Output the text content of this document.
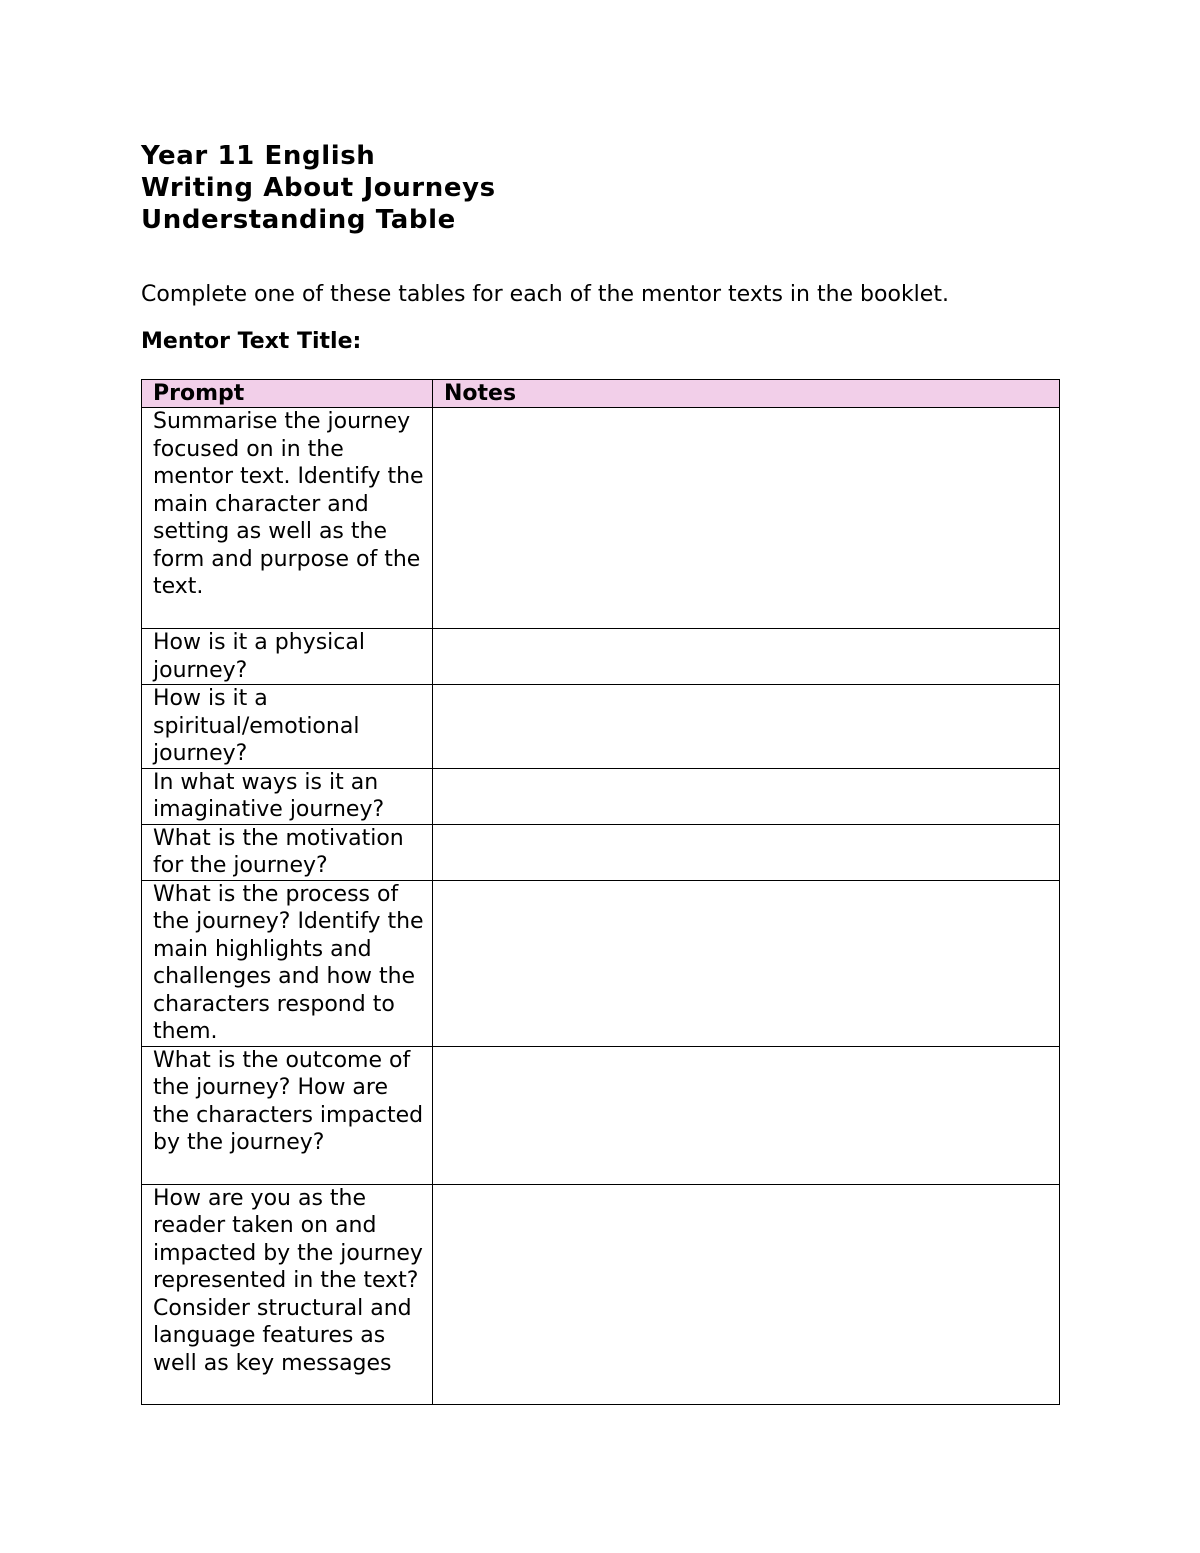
Year 11 English
Writing About Journeys
Understanding Table
Complete one of these tables for each of the mentor texts in the booklet.
Mentor Text Title:
Prompt	Notes
Summarise the journey focused on in the mentor text. Identify the main character and setting as well as the form and purpose of the text.	
How is it a physical journey?	
How is it a spiritual/emotional journey?	
In what ways is it an imaginative journey?	
What is the motivation for the journey?	
What is the process of the journey? Identify the main highlights and challenges and how the characters respond to them.	
What is the outcome of the journey? How are the characters impacted by the journey?	
How are you as the reader taken on and impacted by the journey represented in the text? Consider structural and language features as well as key messages	
